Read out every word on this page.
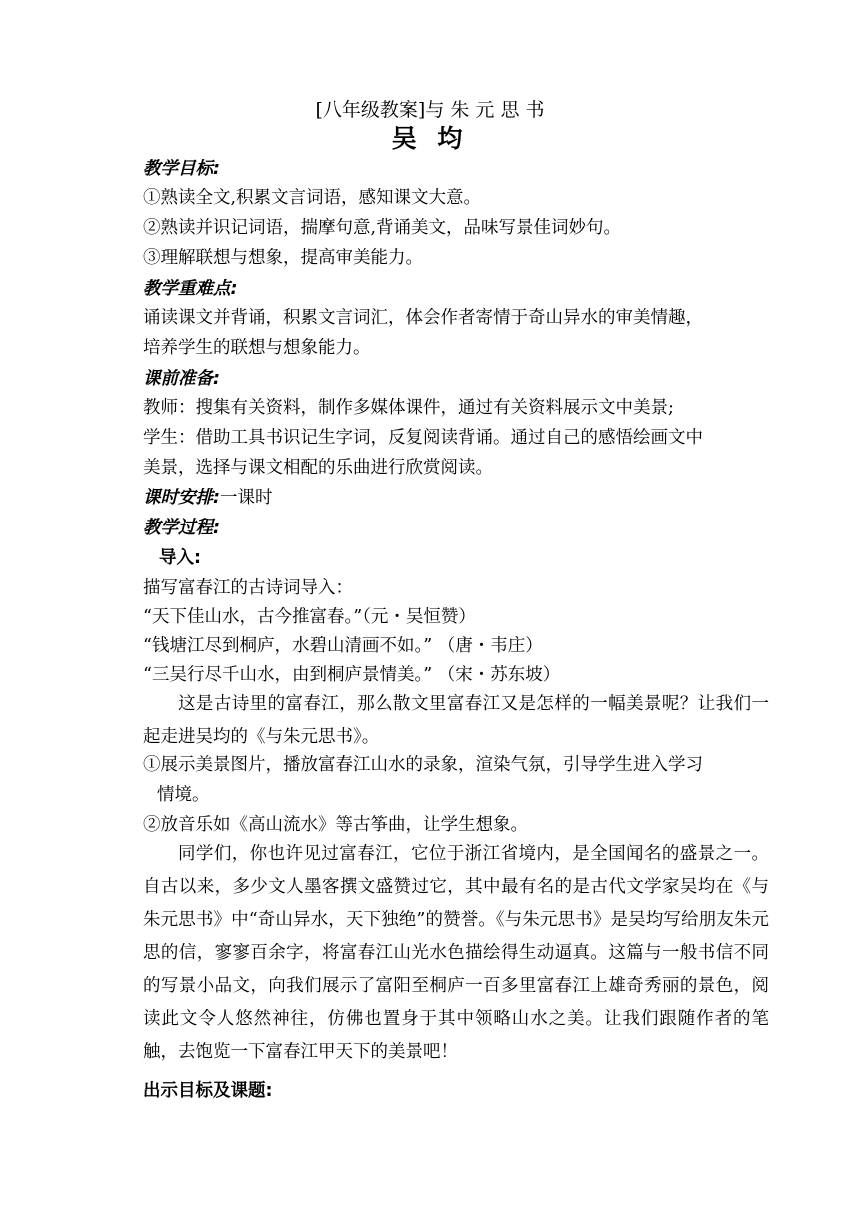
[八年级教案]与 朱 元 思 书
吴 均
教学目标:
①熟读全文,积累文言词语，感知课文大意。
②熟读并识记词语，揣摩句意,背诵美文，品味写景佳词妙句。
③理解联想与想象，提高审美能力。
教学重难点:
诵读课文并背诵，积累文言词汇，体会作者寄情于奇山异水的审美情趣，
培养学生的联想与想象能力。
课前准备:
教师：搜集有关资料，制作多媒体课件，通过有关资料展示文中美景;
学生：借助工具书识记生字词，反复阅读背诵。通过自己的感悟绘画文中
美景，选择与课文相配的乐曲进行欣赏阅读。
课时安排:一课时
教学过程:
导入:
描写富春江的古诗词导入：
“天下佳山水，古今推富春。”（元・吴恒赞）
“钱塘江尽到桐庐，水碧山清画不如。” （唐・韦庄）
“三吴行尽千山水，由到桐庐景情美。” （宋・苏东坡）
这是古诗里的富春江，那么散文里富春江又是怎样的一幅美景呢？让我们一起走进吴均的《与朱元思书》。
①展示美景图片，播放富春江山水的录象，渲染气氛，引导学生进入学习
情境。
②放音乐如《高山流水》等古筝曲，让学生想象。
同学们，你也许见过富春江，它位于浙江省境内，是全国闻名的盛景之一。自古以来，多少文人墨客撰文盛赞过它，其中最有名的是古代文学家吴均在《与朱元思书》中“奇山异水，天下独绝”的赞誉。《与朱元思书》是吴均写给朋友朱元思的信，寥寥百余字，将富春江山光水色描绘得生动逼真。这篇与一般书信不同的写景小品文，向我们展示了富阳至桐庐一百多里富春江上雄奇秀丽的景色，阅读此文令人悠然神往，仿佛也置身于其中领略山水之美。让我们跟随作者的笔触，去饱览一下富春江甲天下的美景吧！
出示目标及课题:
